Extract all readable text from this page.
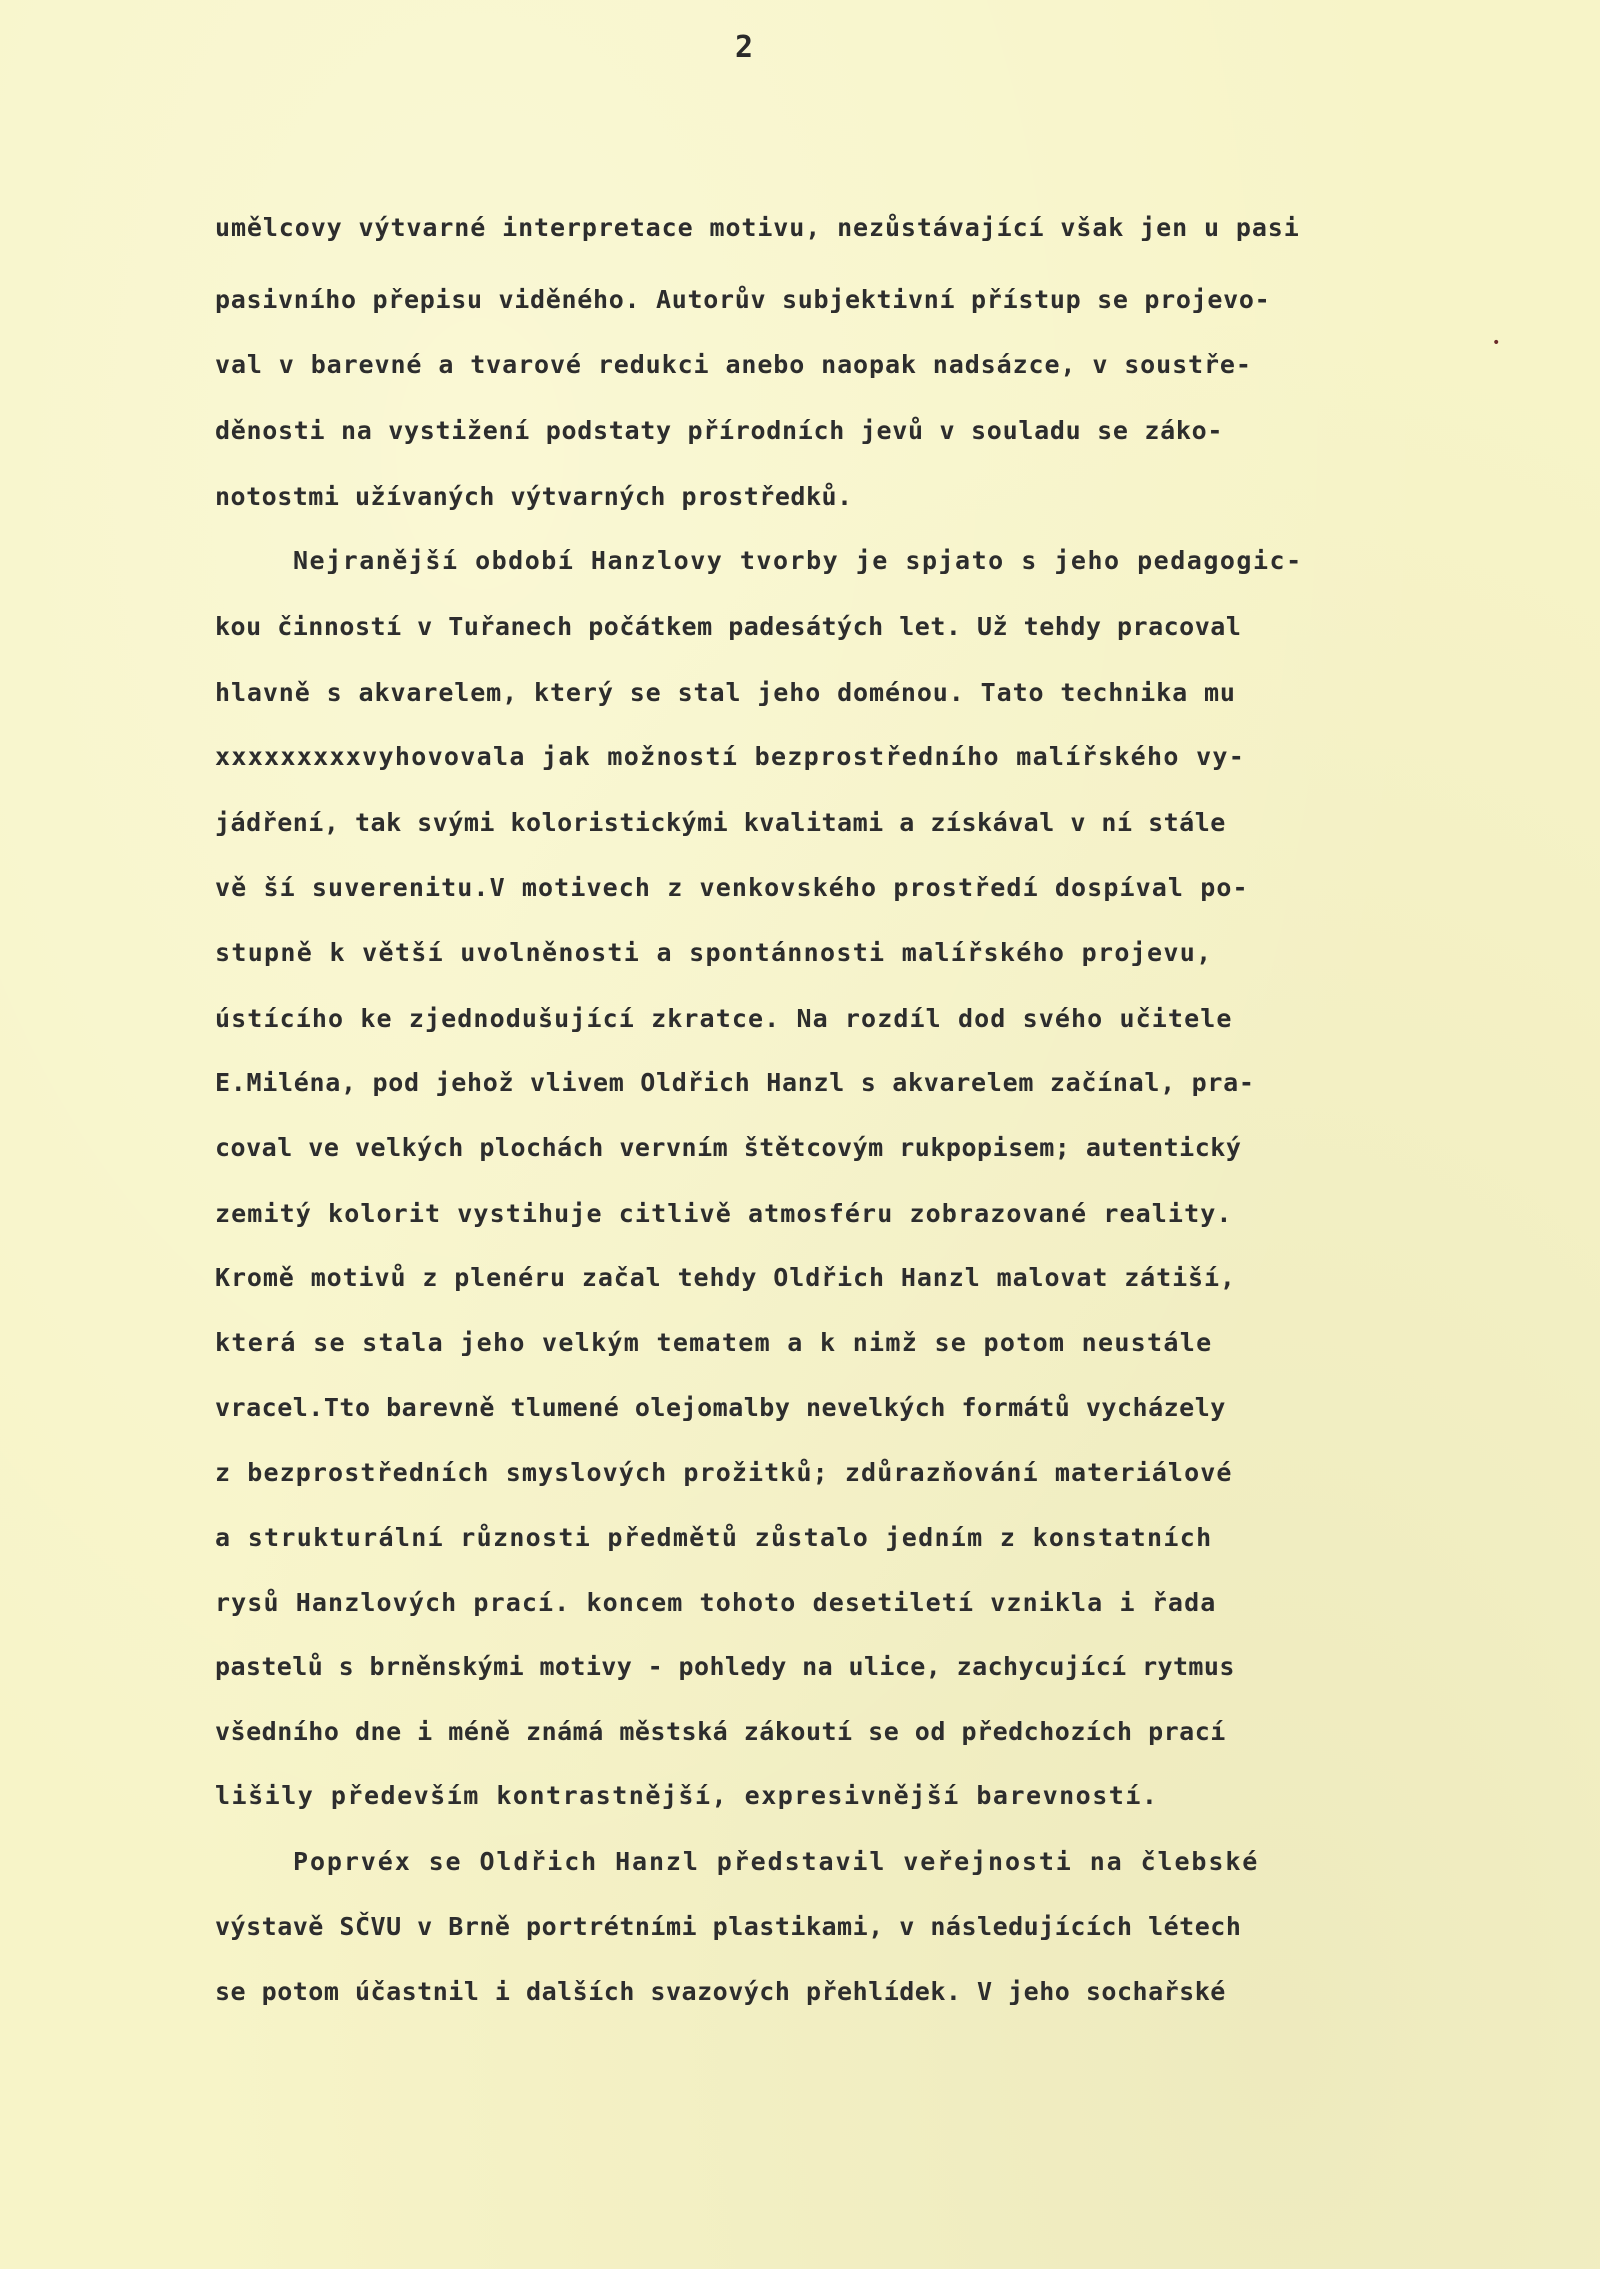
2
•
umělcovy výtvarné interpretace motivu, nezůstávající však jen u pasi
pasivního přepisu viděného. Autorův subjektivní přístup se projevo-
val v barevné a tvarové redukci anebo naopak nadsázce, v soustře-
děnosti na vystižení podstaty přírodních jevů v souladu se záko-
notostmi užívaných výtvarných prostředků.
Nejranější období Hanzlovy tvorby je spjato s jeho pedagogic-
kou činností v Tuřanech počátkem padesátých let. Už tehdy pracoval
hlavně s akvarelem, který se stal jeho doménou. Tato technika mu
xxxxxxxxxvyhovovala jak možností bezprostředního malířského vy-
jádření, tak svými koloristickými kvalitami a získával v ní stále
vě ší suverenitu.V motivech z venkovského prostředí dospíval po-
stupně k větší uvolněnosti a spontánnosti malířského projevu,
ústícího ke zjednodušující zkratce. Na rozdíl dod svého učitele
E.Miléna, pod jehož vlivem Oldřich Hanzl s akvarelem začínal, pra-
coval ve velkých plochách vervním štětcovým rukpopisem; autentický
zemitý kolorit vystihuje citlivě atmosféru zobrazované reality.
Kromě motivů z plenéru začal tehdy Oldřich Hanzl malovat zátiší,
která se stala jeho velkým tematem a k nimž se potom neustále
vracel.Tto barevně tlumené olejomalby nevelkých formátů vycházely
z bezprostředních smyslových prožitků; zdůrazňování materiálové
a strukturální různosti předmětů zůstalo jedním z konstatních
rysů Hanzlových prací. koncem tohoto desetiletí vznikla i řada
pastelů s brněnskými motivy - pohledy na ulice, zachycující rytmus
všedního dne i méně známá městská zákoutí se od předchozích prací
lišily především kontrastnější, expresivnější barevností.
Poprvéx se Oldřich Hanzl představil veřejnosti na člebské
výstavě SČVU v Brně portrétními plastikami, v následujících létech
se potom účastnil i dalších svazových přehlídek. V jeho sochařské
